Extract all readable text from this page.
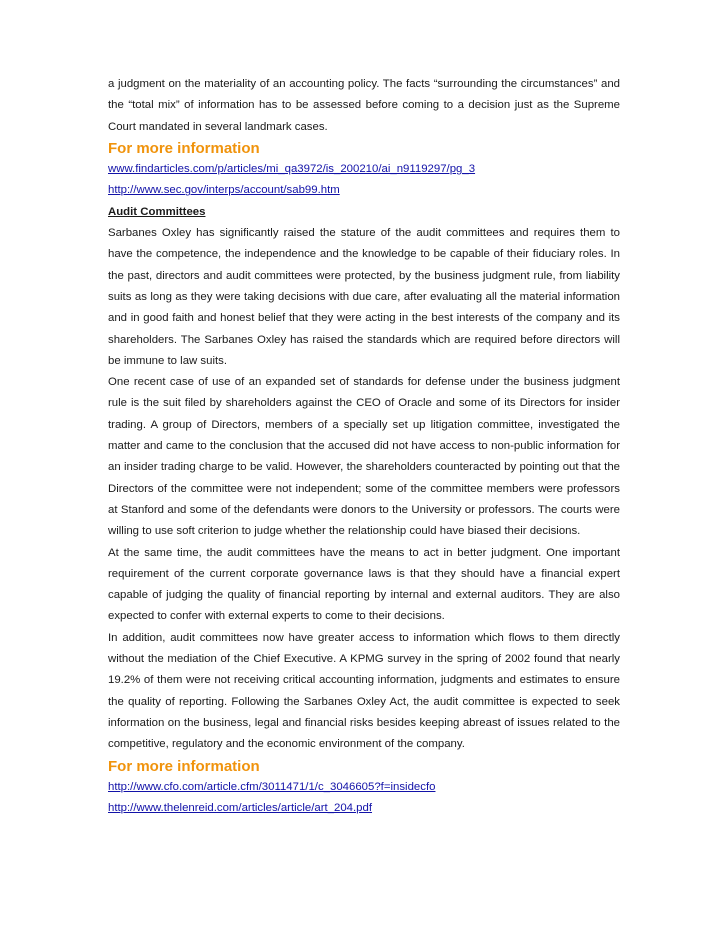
a judgment on the materiality of an accounting policy. The facts “surrounding the circumstances” and the “total mix” of information has to be assessed before coming to a decision just as the Supreme Court mandated in several landmark cases.

For more information

www.findarticles.com/p/articles/mi_qa3972/is_200210/ai_n9119297/pg_3
http://www.sec.gov/interps/account/sab99.htm

Audit Committees

Sarbanes Oxley has significantly raised the stature of the audit committees and requires them to have the competence, the independence and the knowledge to be capable of their fiduciary roles. In the past, directors and audit committees were protected, by the business judgment rule, from liability suits as long as they were taking decisions with due care, after evaluating all the material information and in good faith and honest belief that they were acting in the best interests of the company and its shareholders. The Sarbanes Oxley has raised the standards which are required before directors will be immune to law suits.

One recent case of use of an expanded set of standards for defense under the business judgment rule is the suit filed by shareholders against the CEO of Oracle and some of its Directors for insider trading. A group of Directors, members of a specially set up litigation committee, investigated the matter and came to the conclusion that the accused did not have access to non-public information for an insider trading charge to be valid. However, the shareholders counteracted by pointing out that the Directors of the committee were not independent; some of the committee members were professors at Stanford and some of the defendants were donors to the University or professors. The courts were willing to use soft criterion to judge whether the relationship could have biased their decisions.

At the same time, the audit committees have the means to act in better judgment. One important requirement of the current corporate governance laws is that they should have a financial expert capable of judging the quality of financial reporting by internal and external auditors. They are also expected to confer with external experts to come to their decisions.

In addition, audit committees now have greater access to information which flows to them directly without the mediation of the Chief Executive. A KPMG survey in the spring of 2002 found that nearly 19.2% of them were not receiving critical accounting information, judgments and estimates to ensure the quality of reporting. Following the Sarbanes Oxley Act, the audit committee is expected to seek information on the business, legal and financial risks besides keeping abreast of issues related to the competitive, regulatory and the economic environment of the company.

For more information

http://www.cfo.com/article.cfm/3011471/1/c_3046605?f=insidecfo
http://www.thelenreid.com/articles/article/art_204.pdf
